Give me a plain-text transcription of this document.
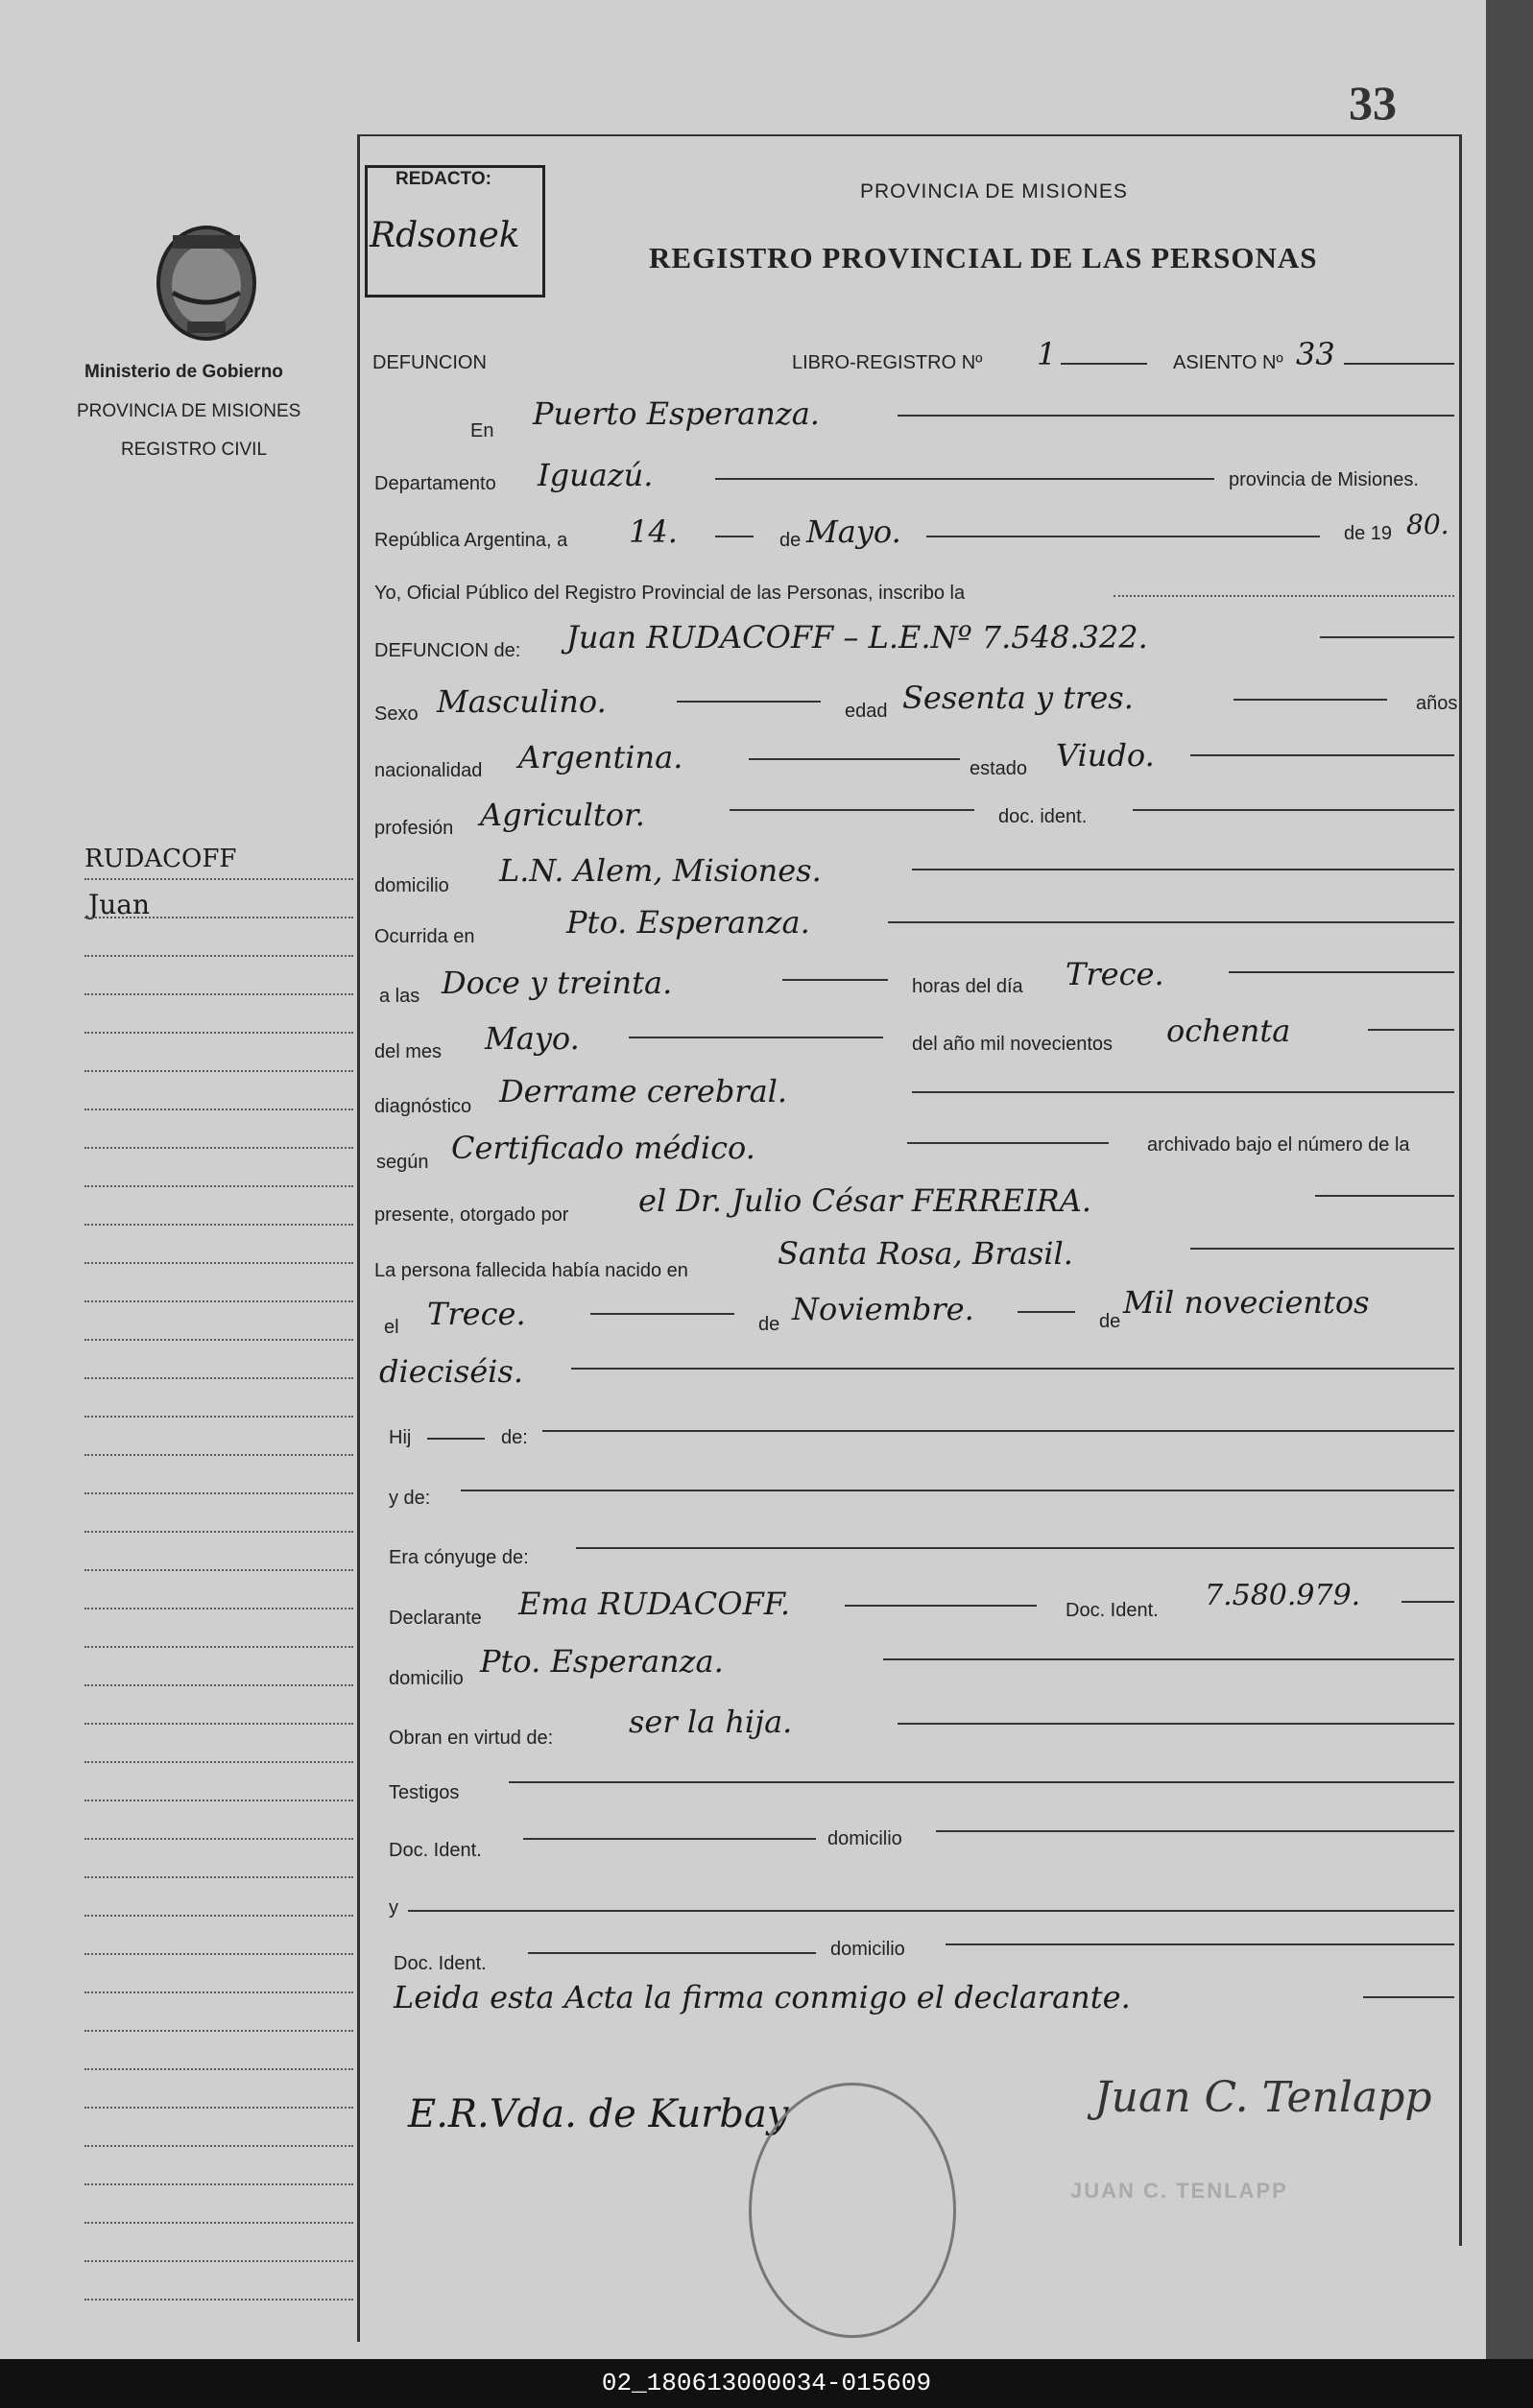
33
Ministerio de Gobierno
PROVINCIA DE MISIONES
REGISTRO CIVIL
RUDACOFF
Juan
REDACTO:
Rdsonek
PROVINCIA DE MISIONES
REGISTRO PROVINCIAL DE LAS PERSONAS
DEFUNCION	LIBRO-REGISTRO Nº 1	ASIENTO Nº 33
En Puerto Esperanza.
Departamento Iguazú.	provincia de Misiones.
República Argentina, a 14.	de Mayo.	de 19 80.
Yo, Oficial Público del Registro Provincial de las Personas, inscribo la
DEFUNCION de: Juan RUDACOFF – L.E.Nº 7.548.322.
Sexo Masculino.	edad Sesenta y tres.	años
nacionalidad Argentina.	estado Viudo.
profesión Agricultor.	doc. ident.
domicilio L.N. Alem, Misiones.
Ocurrida en	Pto. Esperanza.
a las Doce y treinta.	horas del día Trece.
del mes Mayo.	del año mil novecientos ochenta
diagnóstico Derrame cerebral.
según Certificado médico.	archivado bajo el número de la
presente, otorgado por el Dr. Julio César FERREIRA.
La persona fallecida había nacido en	Santa Rosa, Brasil.
el Trece.	de Noviembre.	de
Mil novecientos
dieciséis.
Hij	de:
y de:
Era cónyuge de:
Declarante Ema RUDACOFF.	Doc. Ident. 7.580.979.
domicilio Pto. Esperanza.
Obran en virtud de: ser la hija.
Testigos
Doc. Ident.
domicilio
y
Doc. Ident.
domicilio
Leida esta Acta la firma conmigo el declarante.
E.R.Vda. de Kurbay	Juan C. Tenlapp
JUAN C. TENLAPP
02_180613000034-015609
